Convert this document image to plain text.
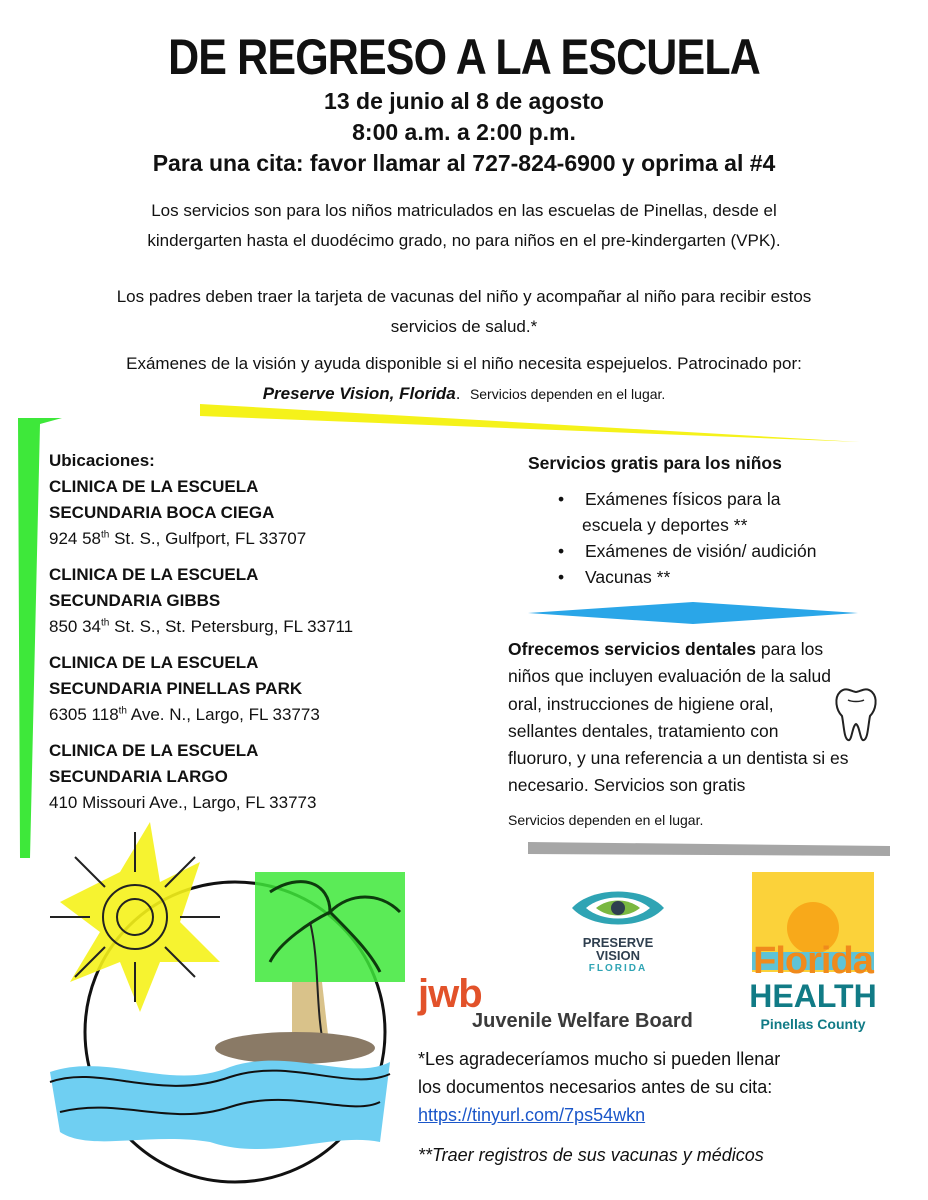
DE REGRESO A LA ESCUELA
13 de junio al 8 de agosto
8:00 a.m. a 2:00 p.m.
Para una cita: favor llamar al 727-824-6900 y oprima al #4
Los servicios son para los niños matriculados en las escuelas de Pinellas, desde el
kindergarten hasta el duodécimo grado, no para niños en el pre-kindergarten (VPK).
Los padres deben traer la tarjeta de vacunas del niño y acompañar al niño para recibir estos
servicios de salud.*
Exámenes de la visión y ayuda disponible si el niño necesita espejuelos. Patrocinado por:
Preserve Vision, Florida.  Servicios dependen en el lugar.
Ubicaciones:
CLINICA DE LA ESCUELA
SECUNDARIA BOCA CIEGA
924 58th St. S., Gulfport, FL 33707
CLINICA DE LA ESCUELA
SECUNDARIA GIBBS
850 34th St. S., St. Petersburg, FL 33711
CLINICA DE LA ESCUELA
SECUNDARIA PINELLAS PARK
6305 118th Ave. N., Largo, FL 33773
CLINICA DE LA ESCUELA
SECUNDARIA LARGO
410 Missouri Ave., Largo, FL 33773
Servicios gratis para los niños
• Exámenes físicos para la
escuela y deportes **
• Exámenes de visión/ audición
• Vacunas **
Ofrecemos servicios dentales para los
niños que incluyen evaluación de la salud
oral, instrucciones de higiene oral,
sellantes dentales, tratamiento con
fluoruro, y una referencia a un dentista si es
necesario. Servicios son gratis
Servicios dependen en el lugar.
PRESERVE
VISION
FLORIDA
jwb
Juvenile Welfare Board
Florida
HEALTH
Pinellas County
*Les agradeceríamos mucho si pueden llenar
los documentos necesarios antes de su cita:
https://tinyurl.com/7ps54wkn
**Traer registros de sus vacunas y médicos
